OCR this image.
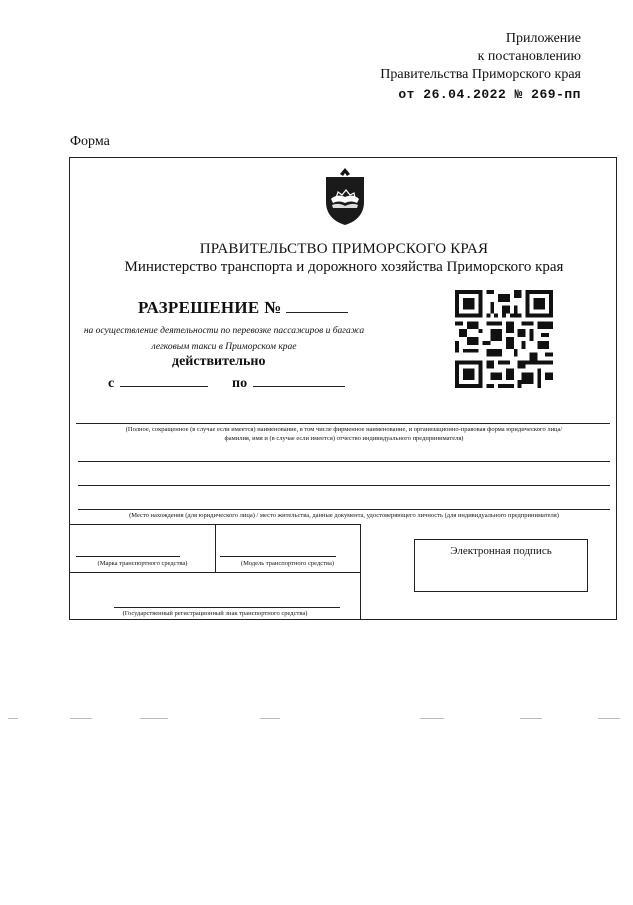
Приложение
к постановлению
Правительства Приморского края
от 26.04.2022 № 269-пп
Форма
ПРАВИТЕЛЬСТВО ПРИМОРСКОГО КРАЯ
Министерство транспорта и дорожного хозяйства Приморского края
РАЗРЕШЕНИЕ №
на осуществление деятельности по перевозке пассажиров и багажа
легковым такси в Приморском крае
действительно
с	по
(Полное, сокращенное (в случае если имеется) наименование, в том числе фирменное наименование, и организационно-правовая форма юридического лица/
фамилия, имя и (в случае если имеется) отчество индивидуального предпринимателя)
(Место нахождения (для юридического лица) / место жительства, данные документа, удостоверяющего личность (для индивидуального предпринимателя)
(Марка транспортного средства)	(Модель транспортного средства)
(Государственный регистрационный знак транспортного средства)
Электронная подпись
